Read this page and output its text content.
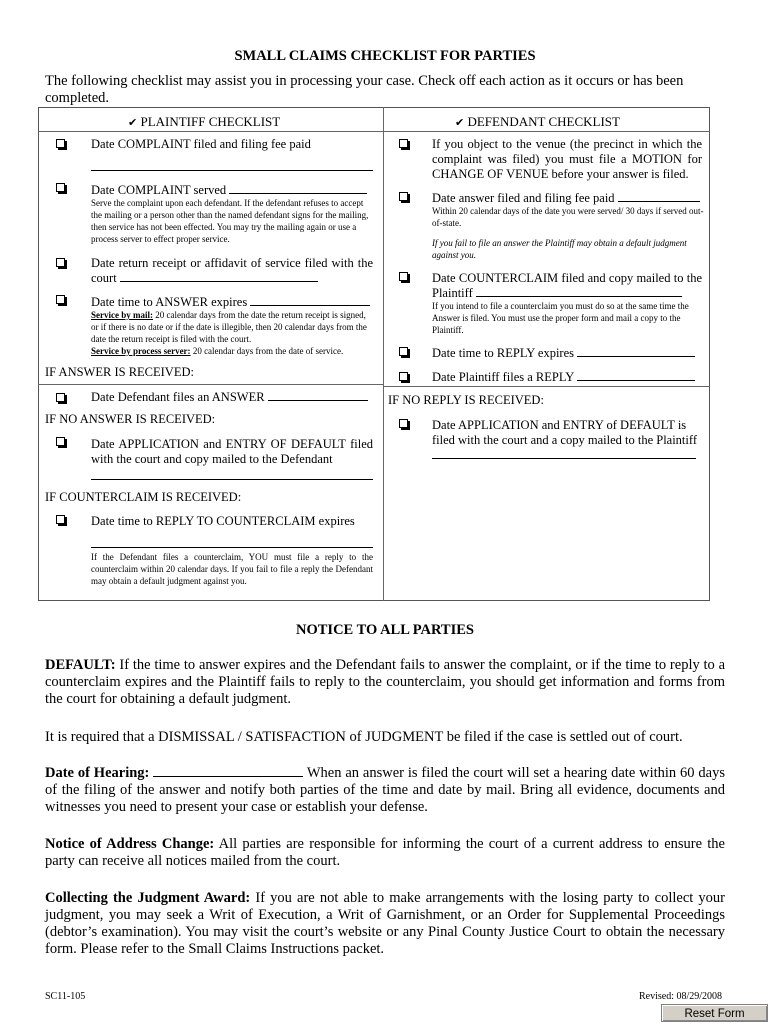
SMALL CLAIMS CHECKLIST FOR PARTIES
The following checklist may assist you in processing your case. Check off each action as it occurs or has been completed.
✔ PLAINTIFF CHECKLIST	✔ DEFENDANT CHECKLIST
Date COMPLAINT filed and filing fee paid
Date COMPLAINT served
Serve the complaint upon each defendant. If the defendant refuses to accept the mailing or a person other than the named defendant signs for the mailing, then service has not been effected. You may try the mailing again or use a process server to effect proper service.
Date return receipt or affidavit of service filed with the court
Date time to ANSWER expires
Service by mail: 20 calendar days from the date the return receipt is signed, or if there is no date or if the date is illegible, then 20 calendar days from the date the return receipt is filed with the court.
Service by process server: 20 calendar days from the date of service.
IF ANSWER IS RECEIVED:
Date Defendant files an ANSWER
IF NO ANSWER IS RECEIVED:
Date APPLICATION and ENTRY OF DEFAULT filed with the court and copy mailed to the Defendant
IF COUNTERCLAIM IS RECEIVED:
Date time to REPLY TO COUNTERCLAIM expires
If the Defendant files a counterclaim, YOU must file a reply to the counterclaim within 20 calendar days. If you fail to file a reply the Defendant may obtain a default judgment against you.
If you object to the venue (the precinct in which the complaint was filed) you must file a MOTION for CHANGE OF VENUE before your answer is filed.
Date answer filed and filing fee paid
Within 20 calendar days of the date you were served/ 30 days if served out-of-state.
If you fail to file an answer the Plaintiff may obtain a default judgment against you.
Date COUNTERCLAIM filed and copy mailed to the Plaintiff
If you intend to file a counterclaim you must do so at the same time the Answer is filed. You must use the proper form and mail a copy to the Plaintiff.
Date time to REPLY expires
Date Plaintiff files a REPLY
IF NO REPLY IS RECEIVED:
Date APPLICATION and ENTRY of DEFAULT is filed with the court and a copy mailed to the Plaintiff
NOTICE TO ALL PARTIES
DEFAULT: If the time to answer expires and the Defendant fails to answer the complaint, or if the time to reply to a counterclaim expires and the Plaintiff fails to reply to the counterclaim, you should get information and forms from the court for obtaining a default judgment.
It is required that a DISMISSAL / SATISFACTION of JUDGMENT be filed if the case is settled out of court.
Date of Hearing:	When an answer is filed the court will set a hearing date within 60 days of the filing of the answer and notify both parties of the time and date by mail. Bring all evidence, documents and witnesses you need to present your case or establish your defense.
Notice of Address Change: All parties are responsible for informing the court of a current address to ensure the party can receive all notices mailed from the court.
Collecting the Judgment Award: If you are not able to make arrangements with the losing party to collect your judgment, you may seek a Writ of Execution, a Writ of Garnishment, or an Order for Supplemental Proceedings (debtor’s examination). You may visit the court’s website or any Pinal County Justice Court to obtain the necessary form. Please refer to the Small Claims Instructions packet.
SC11-105	Revised: 08/29/2008
Reset Form
